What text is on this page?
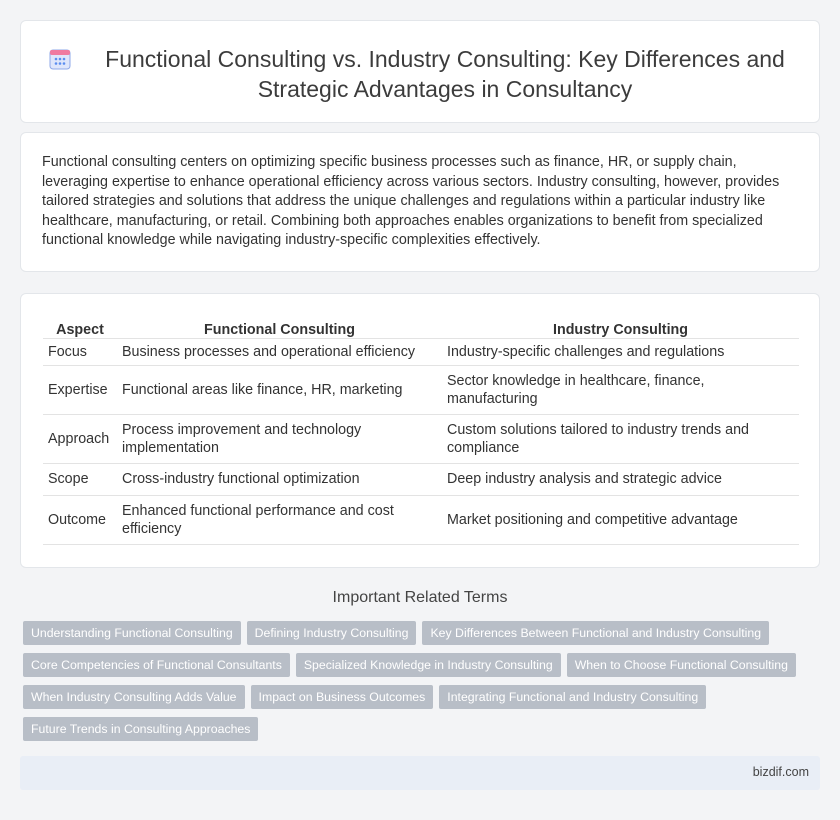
Functional Consulting vs. Industry Consulting: Key Differences and Strategic Advantages in Consultancy

Functional consulting centers on optimizing specific business processes such as finance, HR, or supply chain, leveraging expertise to enhance operational efficiency across various sectors. Industry consulting, however, provides tailored strategies and solutions that address the unique challenges and regulations within a particular industry like healthcare, manufacturing, or retail. Combining both approaches enables organizations to benefit from specialized functional knowledge while navigating industry-specific complexities effectively.

Aspect	Functional Consulting	Industry Consulting
Focus	Business processes and operational efficiency	Industry-specific challenges and regulations
Expertise	Functional areas like finance, HR, marketing	Sector knowledge in healthcare, finance, manufacturing
Approach	Process improvement and technology implementation	Custom solutions tailored to industry trends and compliance
Scope	Cross-industry functional optimization	Deep industry analysis and strategic advice
Outcome	Enhanced functional performance and cost efficiency	Market positioning and competitive advantage
Important Related Terms
Understanding Functional Consulting	Defining Industry Consulting	Key Differences Between Functional and Industry Consulting
Core Competencies of Functional Consultants	Specialized Knowledge in Industry Consulting	When to Choose Functional Consulting
When Industry Consulting Adds Value	Impact on Business Outcomes	Integrating Functional and Industry Consulting
Future Trends in Consulting Approaches
bizdif.com
